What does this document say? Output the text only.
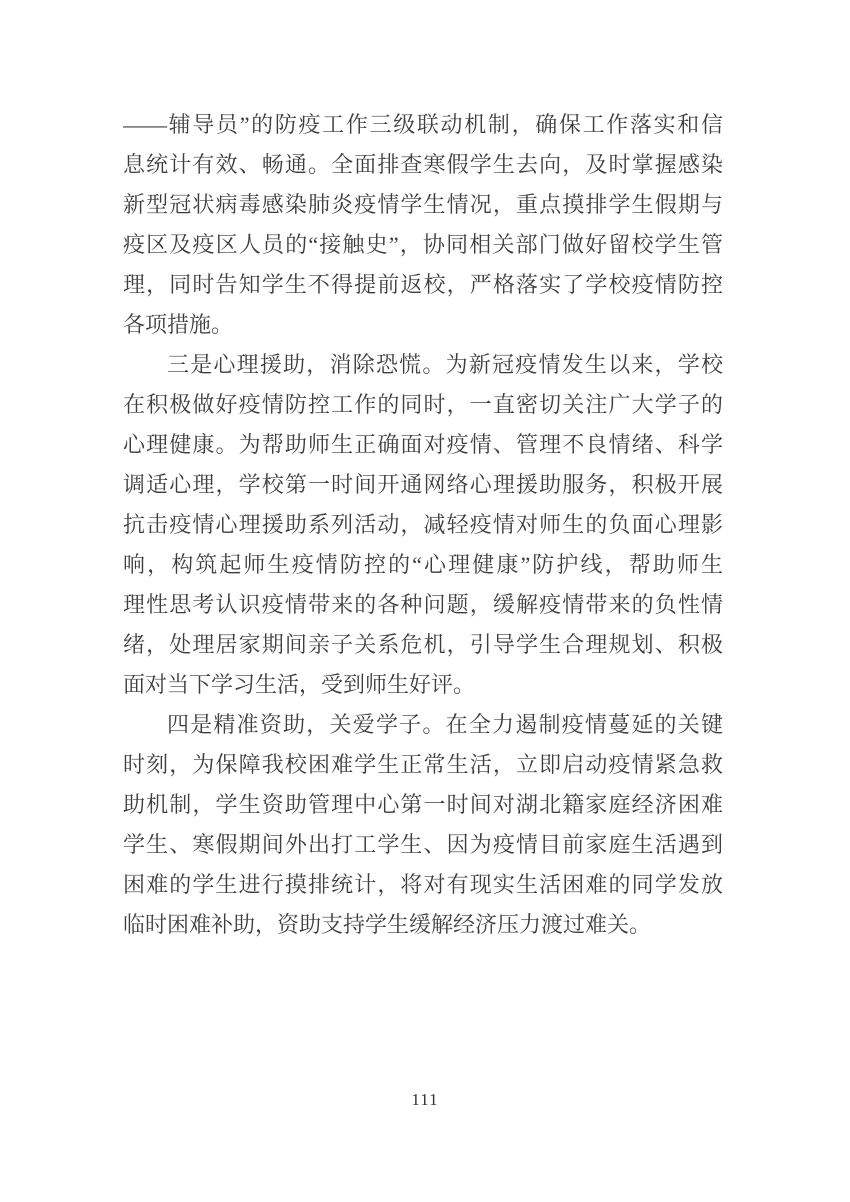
——辅导员”的防疫工作三级联动机制，确保工作落实和信
息统计有效、畅通。全面排查寒假学生去向，及时掌握感染
新型冠状病毒感染肺炎疫情学生情况，重点摸排学生假期与
疫区及疫区人员的“接触史”，协同相关部门做好留校学生管
理，同时告知学生不得提前返校，严格落实了学校疫情防控
各项措施。
三是心理援助，消除恐慌。为新冠疫情发生以来，学校
在积极做好疫情防控工作的同时，一直密切关注广大学子的
心理健康。为帮助师生正确面对疫情、管理不良情绪、科学
调适心理，学校第一时间开通网络心理援助服务，积极开展
抗击疫情心理援助系列活动，减轻疫情对师生的负面心理影
响，构筑起师生疫情防控的“心理健康”防护线，帮助师生
理性思考认识疫情带来的各种问题，缓解疫情带来的负性情
绪，处理居家期间亲子关系危机，引导学生合理规划、积极
面对当下学习生活，受到师生好评。
四是精准资助，关爱学子。在全力遏制疫情蔓延的关键
时刻，为保障我校困难学生正常生活，立即启动疫情紧急救
助机制，学生资助管理中心第一时间对湖北籍家庭经济困难
学生、寒假期间外出打工学生、因为疫情目前家庭生活遇到
困难的学生进行摸排统计，将对有现实生活困难的同学发放
临时困难补助，资助支持学生缓解经济压力渡过难关。
111
